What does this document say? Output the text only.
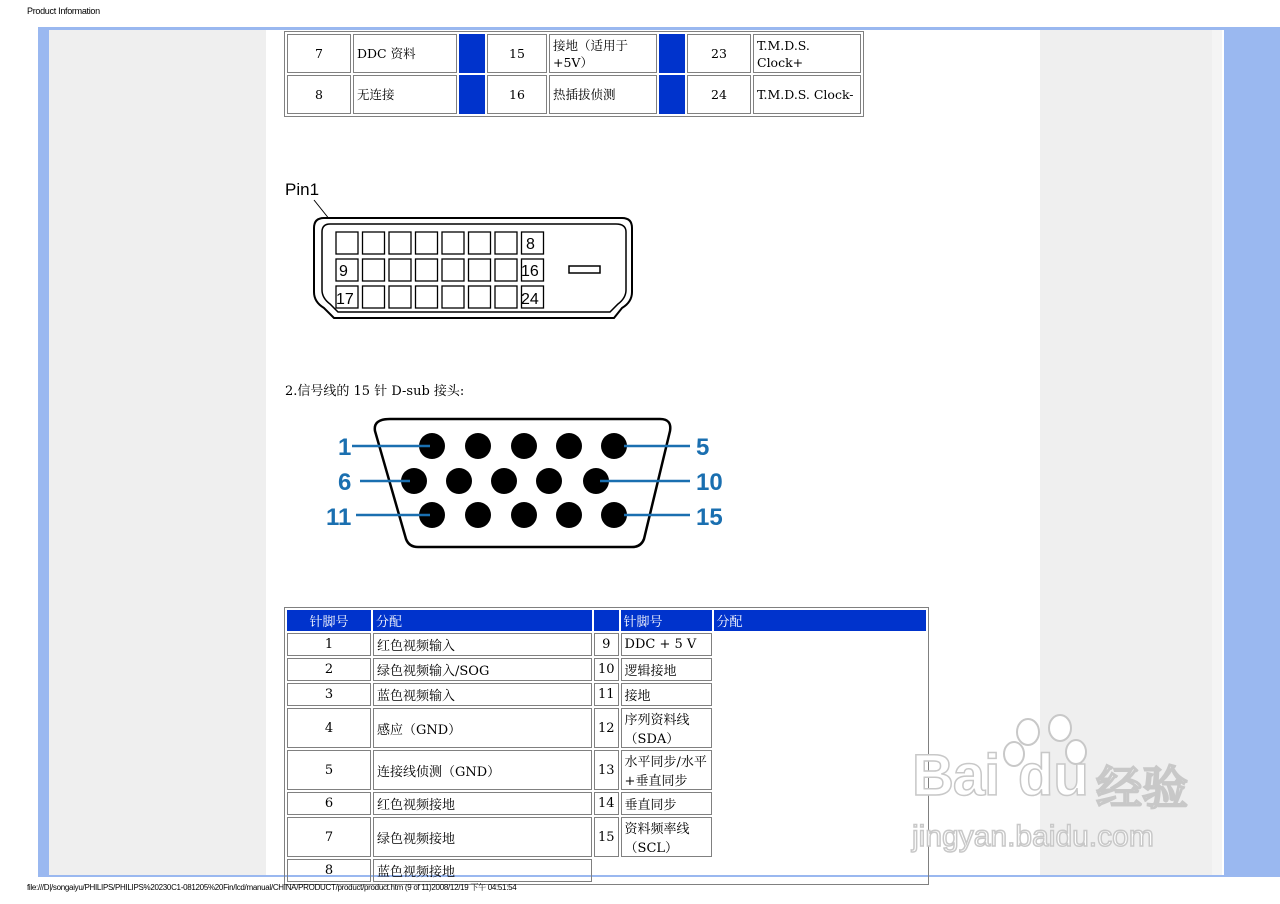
Product Information
7	DDC 资料		15	接地（适用于+5V）		23	T.M.D.S. Clock+
8	无连接		16	热插拔侦测		24	T.M.D.S. Clock-
Pin1
8
9	16
17	24
2.信号线的 15 针 D-sub 接头:
1	5
6	10
11	15
针脚号	分配		针脚号	分配
1	红色视频输入	9	DDC + 5 V	
2	绿色视频输入/SOG	10	逻辑接地	
3	蓝色视频输入	11	接地	
4	感应（GND）	12	序列资料线（SDA）	
5	连接线侦测（GND）	13	水平同步/水平+垂直同步	
6	红色视频接地	14	垂直同步	
7	绿色视频接地	15	资料频率线（SCL）	
8	蓝色视频接地			
Bai du 经验
jingyan.baidu.com
file:///D|/songaiyu/PHILIPS/PHILIPS%20230C1-081205%20Fin/lcd/manual/CHINA/PRODUCT/product/product.htm (9 of 11)2008/12/19 下午 04:51:54
